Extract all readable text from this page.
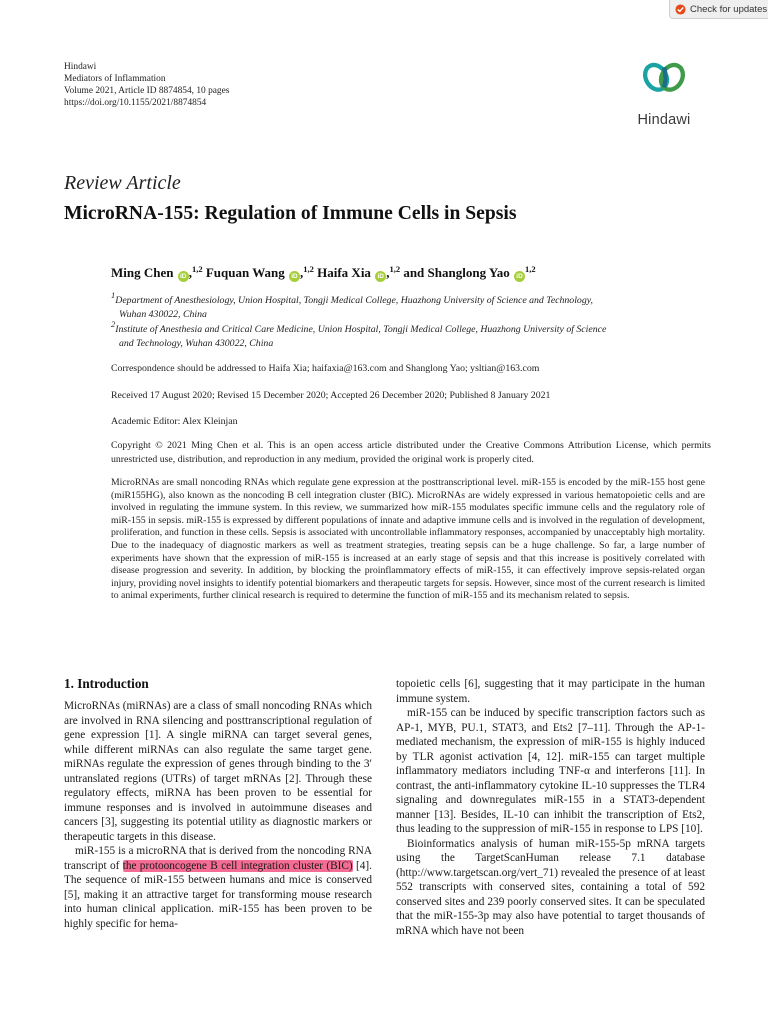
Check for updates
Hindawi
Mediators of Inflammation
Volume 2021, Article ID 8874854, 10 pages
https://doi.org/10.1155/2021/8874854
Hindawi
Review Article
MicroRNA-155: Regulation of Immune Cells in Sepsis
Ming Chen iD ,$^{1,2}$ Fuquan Wang iD ,$^{1,2}$ Haifa Xia iD ,$^{1,2}$ and Shanglong Yao iD$^{1,2}$
$^1$Department of Anesthesiology, Union Hospital, Tongji Medical College, Huazhong University of Science and Technology,
Wuhan 430022, China
$^2$Institute of Anesthesia and Critical Care Medicine, Union Hospital, Tongji Medical College, Huazhong University of Science
and Technology, Wuhan 430022, China
Correspondence should be addressed to Haifa Xia; haifaxia@163.com and Shanglong Yao; ysltian@163.com
Received 17 August 2020; Revised 15 December 2020; Accepted 26 December 2020; Published 8 January 2021
Academic Editor: Alex Kleinjan
Copyright © 2021 Ming Chen et al. This is an open access article distributed under the Creative Commons Attribution License, which permits unrestricted use, distribution, and reproduction in any medium, provided the original work is properly cited.
MicroRNAs are small noncoding RNAs which regulate gene expression at the posttranscriptional level. miR-155 is encoded by the miR-155 host gene (miR155HG), also known as the noncoding B cell integration cluster (BIC). MicroRNAs are widely expressed in various hematopoietic cells and are involved in regulating the immune system. In this review, we summarized how miR-155 modulates specific immune cells and the regulatory role of miR-155 in sepsis. miR-155 is expressed by different populations of innate and adaptive immune cells and is involved in the regulation of development, proliferation, and function in these cells. Sepsis is associated with uncontrollable inflammatory responses, accompanied by unacceptably high mortality. Due to the inadequacy of diagnostic markers as well as treatment strategies, treating sepsis can be a huge challenge. So far, a large number of experiments have shown that the expression of miR-155 is increased at an early stage of sepsis and that this increase is positively correlated with disease progression and severity. In addition, by blocking the proinflammatory effects of miR-155, it can effectively improve sepsis-related organ injury, providing novel insights to identify potential biomarkers and therapeutic targets for sepsis. However, since most of the current research is limited to animal experiments, further clinical research is required to determine the function of miR-155 and its mechanism related to sepsis.
1. Introduction

MicroRNAs (miRNAs) are a class of small noncoding RNAs which are involved in RNA silencing and posttranscriptional regulation of gene expression [1]. A single miRNA can target several genes, while different miRNAs can also regulate the same target gene. miRNAs regulate the expression of genes through binding to the 3′ untranslated regions (UTRs) of target mRNAs [2]. Through these regulatory effects, miRNA has been proven to be essential for immune responses and is involved in autoimmune diseases and cancers [3], suggesting its potential utility as diagnostic markers or therapeutic targets in this disease.

miR-155 is a microRNA that is derived from the noncoding RNA transcript of the protooncogene B cell integration cluster (BIC) [4]. The sequence of miR-155 between humans and mice is conserved [5], making it an attractive target for transforming mouse research into human clinical application. miR-155 has been proven to be highly specific for hema-

topoietic cells [6], suggesting that it may participate in the human immune system.

miR-155 can be induced by specific transcription factors such as AP-1, MYB, PU.1, STAT3, and Ets2 [7–11]. Through the AP-1-mediated mechanism, the expression of miR-155 is highly induced by TLR agonist activation [4, 12]. miR-155 can target multiple inflammatory mediators including TNF-α and interferons [11]. In contrast, the anti-inflammatory cytokine IL-10 suppresses the TLR4 signaling and downregulates miR-155 in a STAT3-dependent manner [13]. Besides, IL-10 can inhibit the transcription of Ets2, thus leading to the suppression of miR-155 in response to LPS [10].

Bioinformatics analysis of human miR-155-5p mRNA targets using the TargetScanHuman release 7.1 database (http://www.targetscan.org/vert_71) revealed the presence of at least 552 transcripts with conserved sites, containing a total of 592 conserved sites and 239 poorly conserved sites. It can be speculated that the miR-155-3p may also have potential to target thousands of mRNA which have not been
